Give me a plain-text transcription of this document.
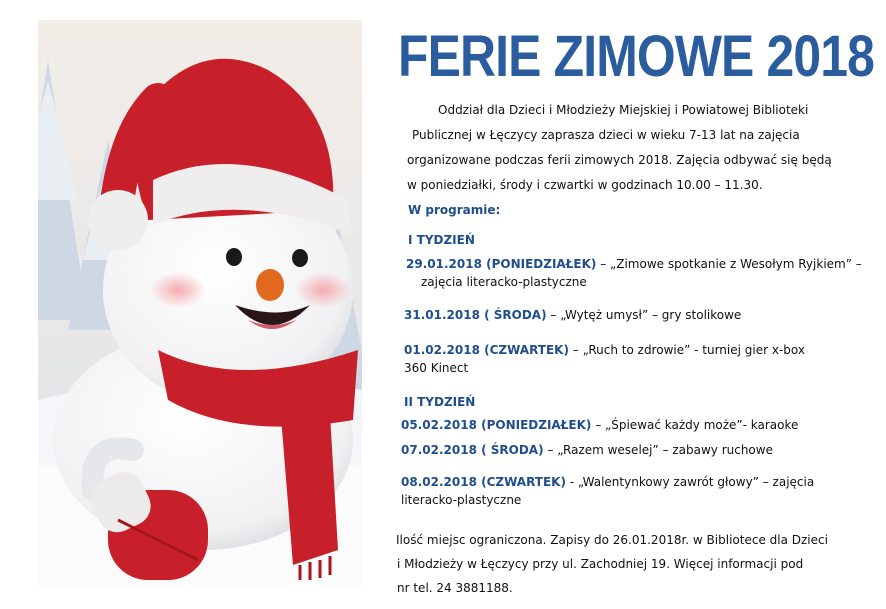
FERIE ZIMOWE 2018
Oddział dla Dzieci i Młodzieży Miejskiej i Powiatowej Biblioteki
Publicznej w Łęczycy zaprasza dzieci w wieku 7-13 lat na zajęcia
organizowane podczas ferii zimowych 2018. Zajęcia odbywać się będą
w poniedziałki, środy i czwartki w godzinach 10.00 – 11.30.
W programie:
I TYDZIEŃ
29.01.2018 (PONIEDZIAŁEK) – „Zimowe spotkanie z Wesołym Ryjkiem” –
zajęcia literacko-plastyczne
31.01.2018 ( ŚRODA) – „Wytęż umysł” – gry stolikowe
01.02.2018 (CZWARTEK) – „Ruch to zdrowie” - turniej gier x-box
360 Kinect
II TYDZIEŃ
05.02.2018 (PONIEDZIAŁEK) – „Śpiewać każdy może”- karaoke
07.02.2018 ( ŚRODA) – „Razem weselej” – zabawy ruchowe
08.02.2018 (CZWARTEK) - „Walentynkowy zawrót głowy” – zajęcia
literacko-plastyczne
Ilość miejsc ograniczona. Zapisy do 26.01.2018r. w Bibliotece dla Dzieci
i Młodzieży w Łęczycy przy ul. Zachodniej 19. Więcej informacji pod
nr tel. 24 3881188.
